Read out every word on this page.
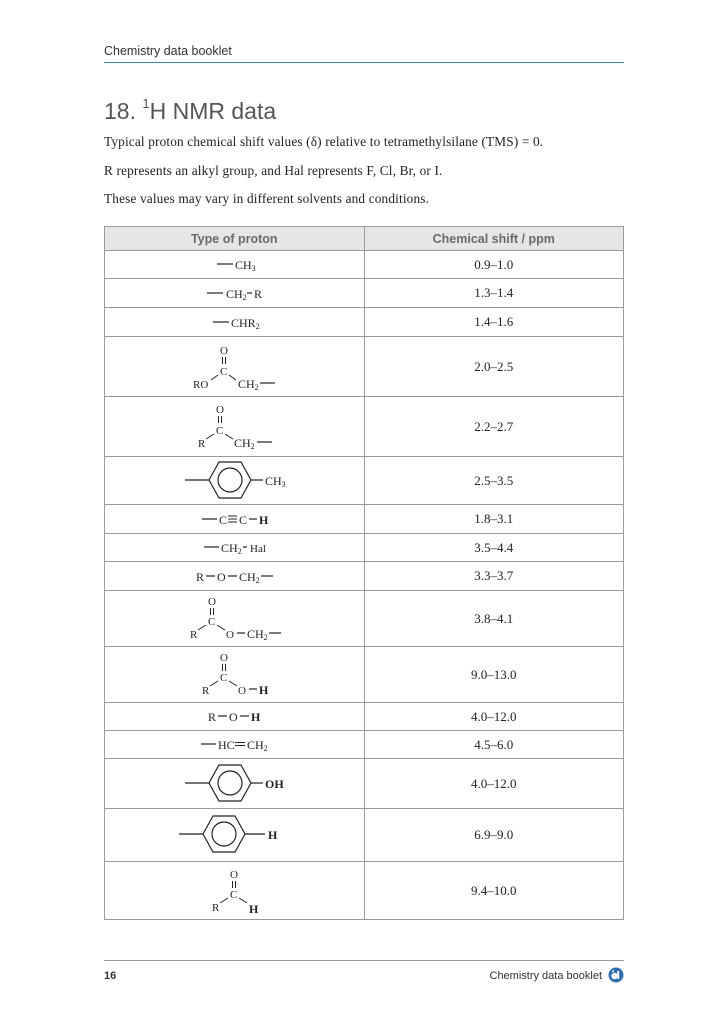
Chemistry data booklet
18. $^1$H NMR data
Typical proton chemical shift values (δ) relative to tetramethylsilane (TMS) = 0.
R represents an alkyl group, and Hal represents F, Cl, Br, or I.
These values may vary in different solvents and conditions.
Type of proton	Chemical shift / ppm

CH3	0.9–1.0

CH2 R	1.3–1.4

CHR2	1.4–1.6

O
C
RO CH2	2.0–2.5

O
C
R CH2	2.2–2.7

CH3	2.5–3.5

C C H	1.8–3.1

CH2 Hal	3.5–4.4

R O CH2	3.3–3.7

O
C
R O CH2	3.8–4.1

O
C
R O H	9.0–13.0

R O H	4.0–12.0

HC CH2	4.5–6.0

OH	4.0–12.0

H	6.9–9.0

O
C
R H	9.4–10.0
16	Chemistry data booklet
